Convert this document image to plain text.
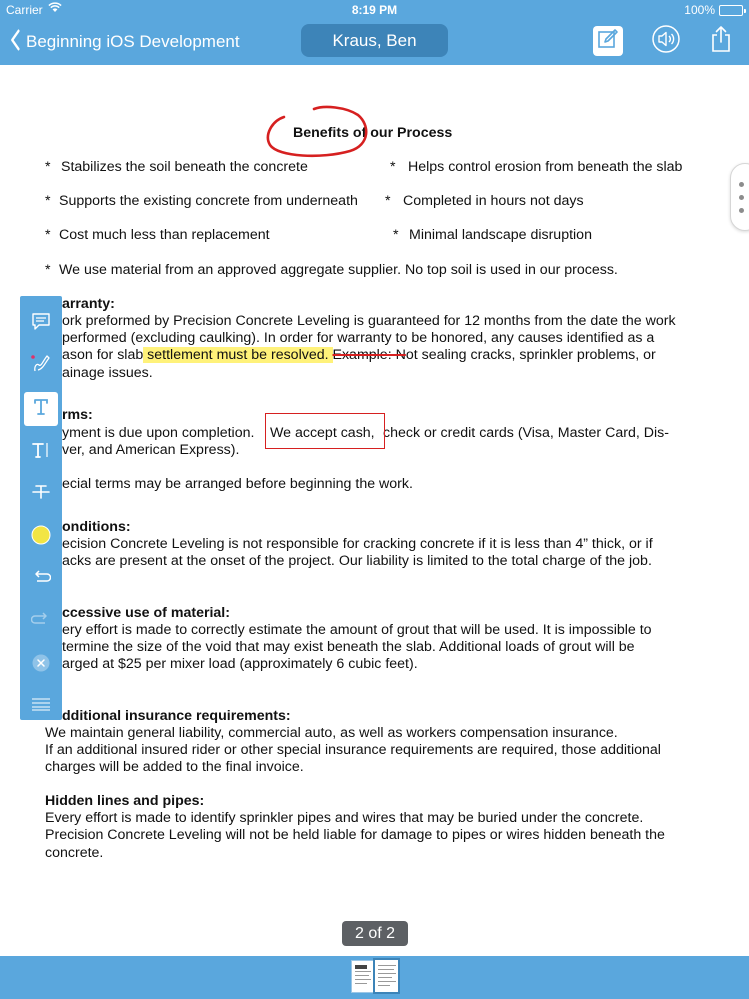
Carrier	8:19 PM	100%
Beginning iOS Development	Kraus, Ben
Benefits of our Process
* Stabilizes the soil beneath the concrete	* Helps control erosion from beneath the slab
* Supports the existing concrete from underneath * Completed in hours not days
* Cost much less than replacement	* Minimal landscape disruption
* We use material from an approved aggregate supplier. No top soil is used in our process.
arranty:
ork preformed by Precision Concrete Leveling is guaranteed for 12 months from the date the work
performed (excluding caulking). In order for warranty to be honored, any causes identified as a
ason for slab settlement must be resolved. Example: Not sealing cracks, sprinkler problems, or
ainage issues.
rms:
yment is due upon completion. We accept cash, check or credit cards (Visa, Master Card, Dis-
ver, and American Express).
ecial terms may be arranged before beginning the work.
onditions:
ecision Concrete Leveling is not responsible for cracking concrete if it is less than 4” thick, or if
acks are present at the onset of the project. Our liability is limited to the total charge of the job.
ccessive use of material:
ery effort is made to correctly estimate the amount of grout that will be used. It is impossible to
termine the size of the void that may exist beneath the slab. Additional loads of grout will be
arged at $25 per mixer load (approximately 6 cubic feet).
dditional insurance requirements:
We maintain general liability, commercial auto, as well as workers compensation insurance.
If an additional insured rider or other special insurance requirements are required, those additional
charges will be added to the final invoice.
Hidden lines and pipes:
Every effort is made to identify sprinkler pipes and wires that may be buried under the concrete.
Precision Concrete Leveling will not be held liable for damage to pipes or wires hidden beneath the
concrete.
2 of 2
